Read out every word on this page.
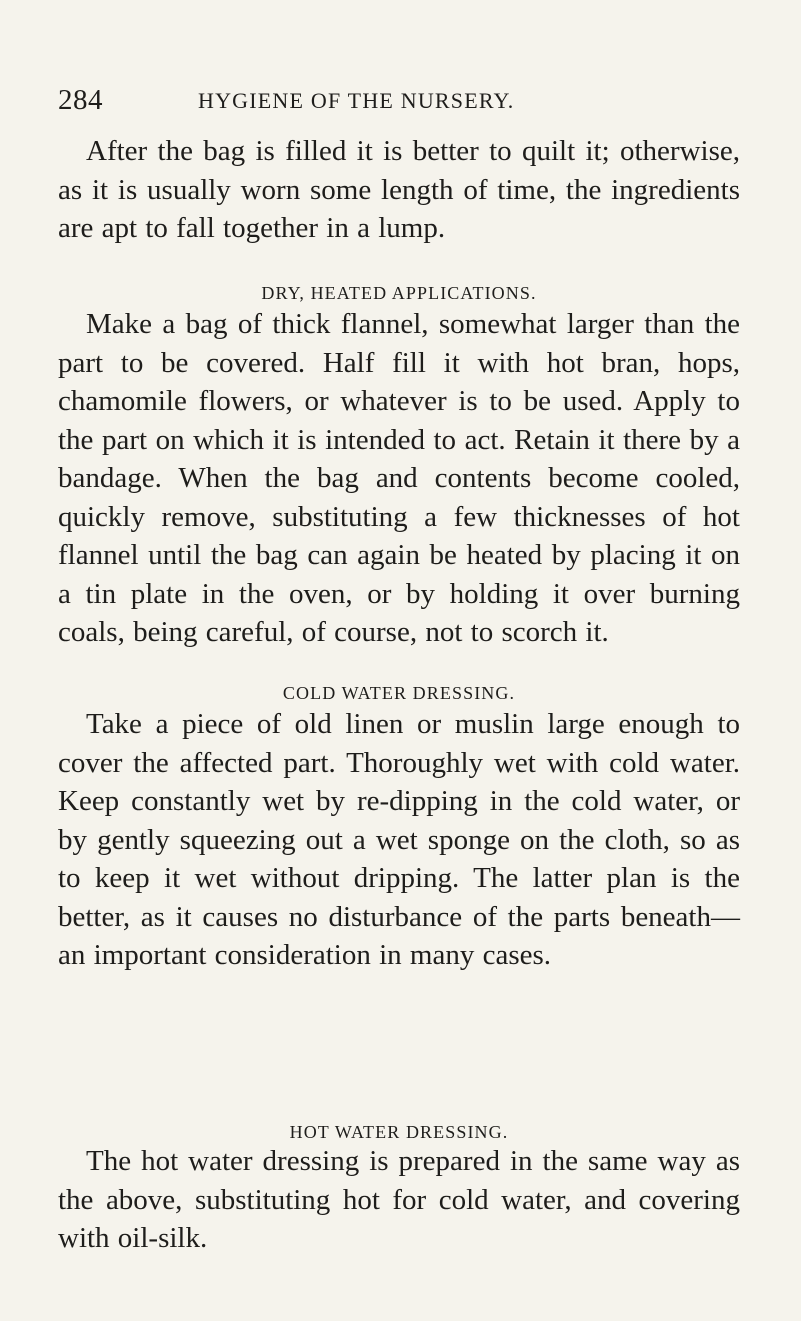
284	HYGIENE OF THE NURSERY.

After the bag is filled it is better to quilt it; otherwise, as it is usually worn some length of time, the ingredients are apt to fall together in a lump.

DRY, HEATED APPLICATIONS.

Make a bag of thick flannel, somewhat larger than the part to be covered. Half fill it with hot bran, hops, chamomile flowers, or whatever is to be used. Apply to the part on which it is intended to act. Retain it there by a bandage. When the bag and contents become cooled, quickly remove, substituting a few thicknesses of hot flannel until the bag can again be heated by placing it on a tin plate in the oven, or by holding it over burning coals, being careful, of course, not to scorch it.

COLD WATER DRESSING.

Take a piece of old linen or muslin large enough to cover the affected part. Thoroughly wet with cold water. Keep constantly wet by re-dipping in the cold water, or by gently squeezing out a wet sponge on the cloth, so as to keep it wet without dripping. The latter plan is the better, as it causes no disturbance of the parts beneath—an important consideration in many cases.

HOT WATER DRESSING.

The hot water dressing is prepared in the same way as the above, substituting hot for cold water, and covering with oil-silk.
